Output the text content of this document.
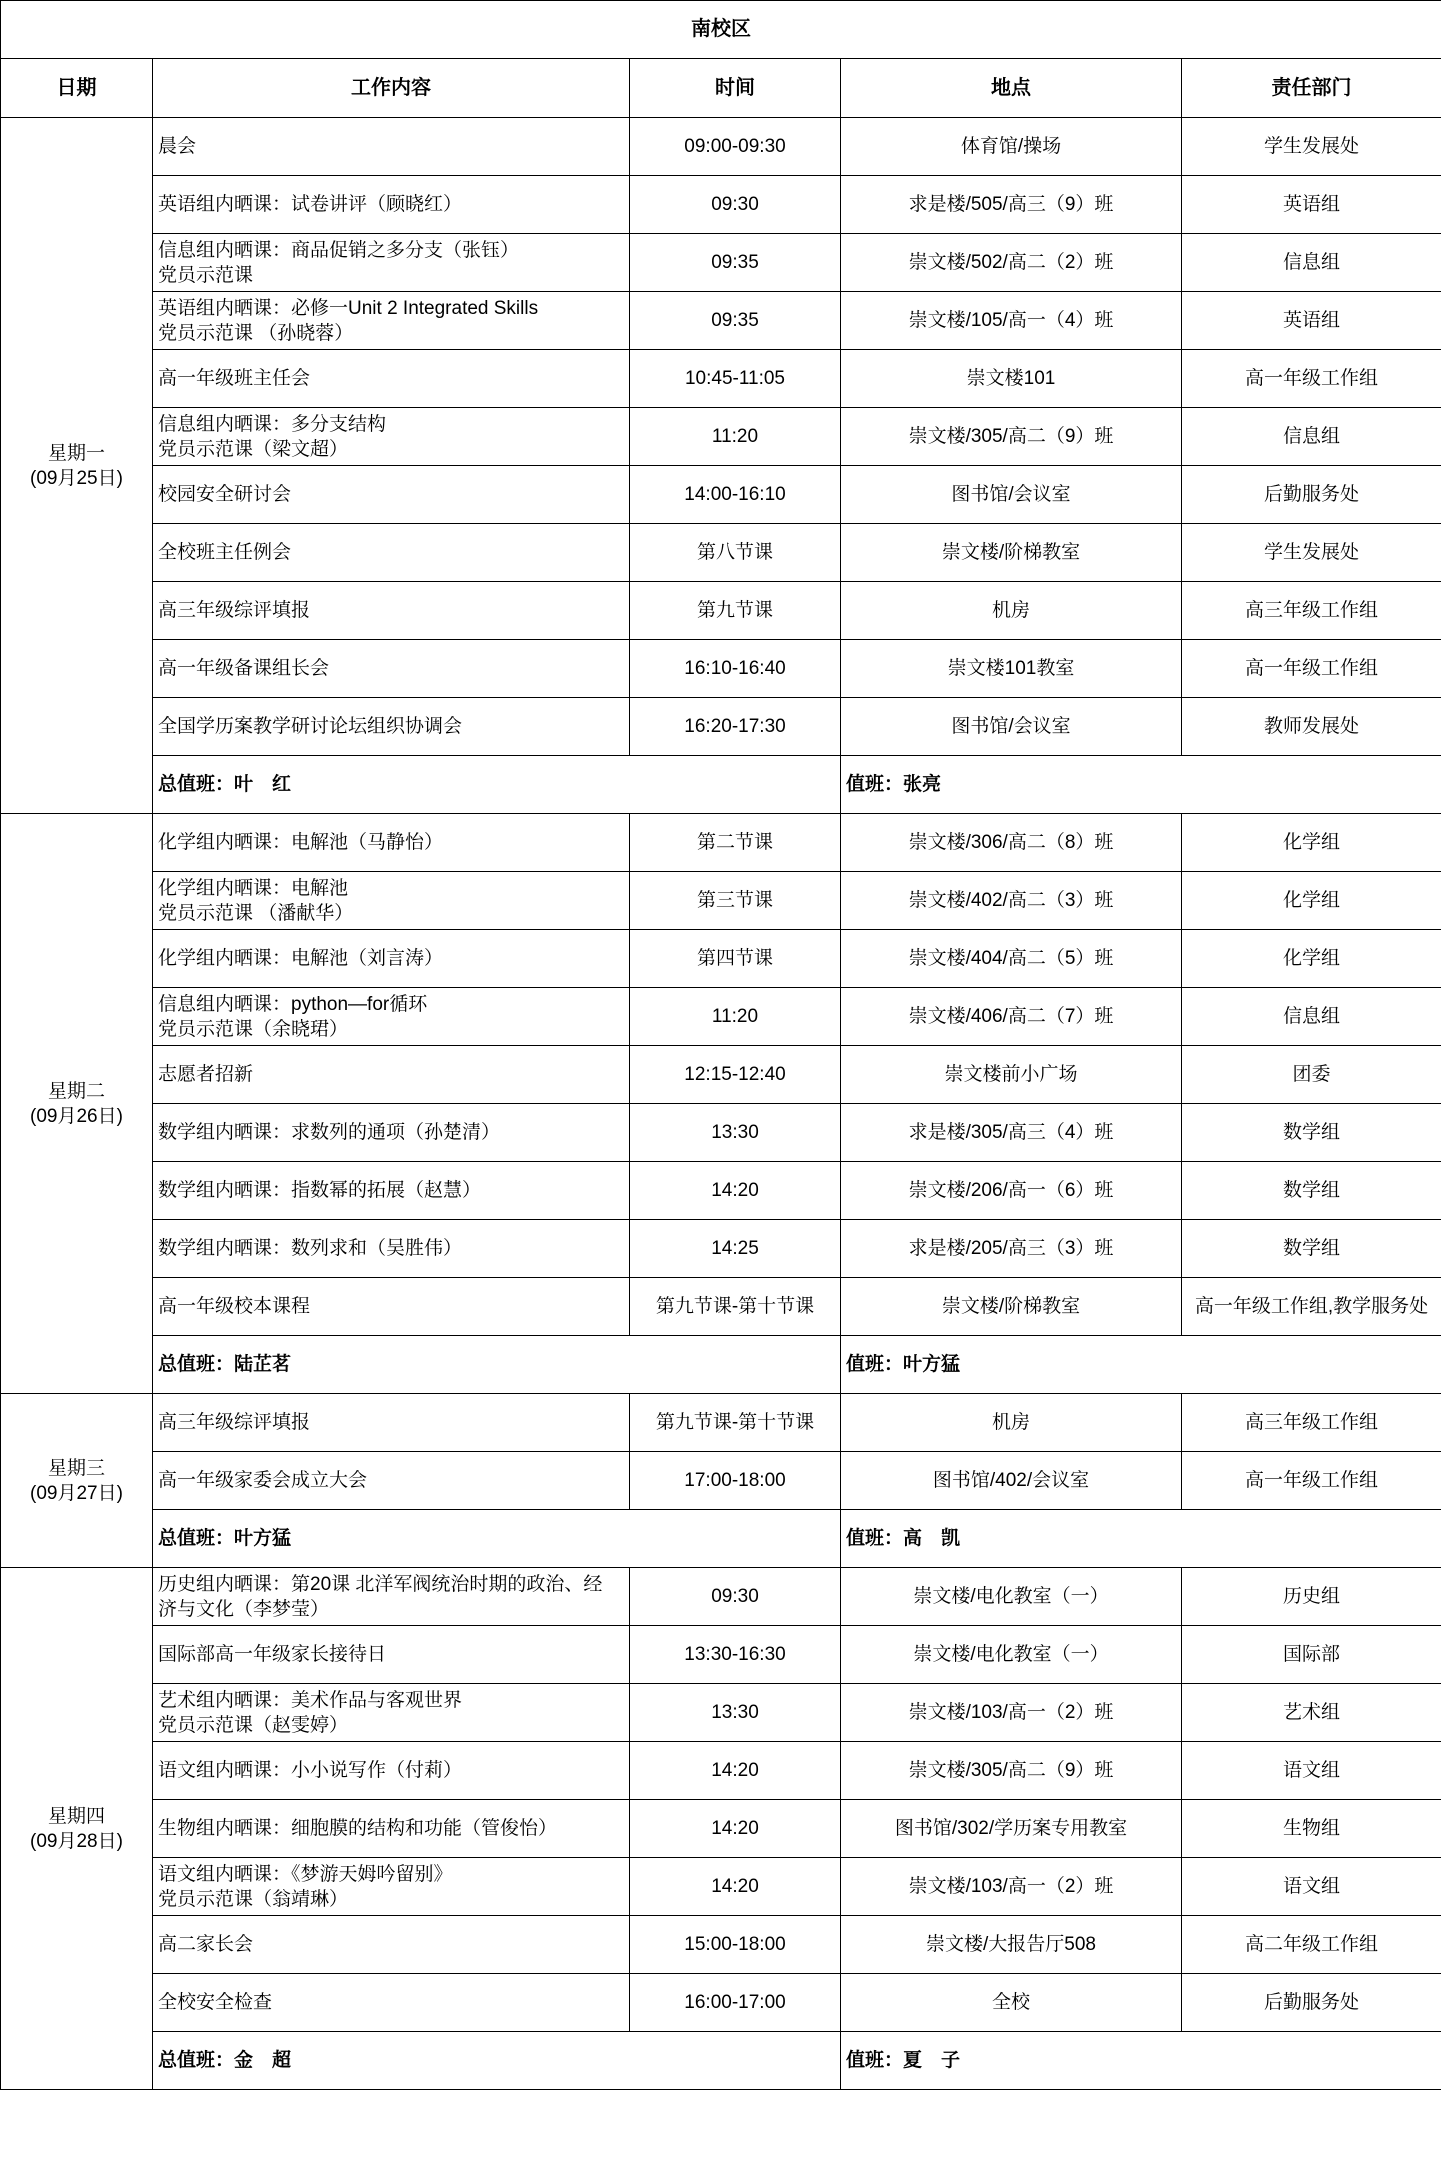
南校区				
日期	工作内容	时间	地点	责任部门

星期一
(09月25日)	晨会	09:00-09:30	体育馆/操场	学生发展处

	英语组内晒课：试卷讲评（顾晓红）	09:30	求是楼/505/高三（9）班	英语组

	信息组内晒课：商品促销之多分支（张钰）
党员示范课	09:35	崇文楼/502/高二（2）班	信息组

	英语组内晒课：必修一Unit 2 Integrated Skills
党员示范课 （孙晓蓉）	09:35	崇文楼/105/高一（4）班	英语组

	高一年级班主任会	10:45-11:05	崇文楼101	高一年级工作组

	信息组内晒课：多分支结构
党员示范课（梁文超）	11:20	崇文楼/305/高二（9）班	信息组

	校园安全研讨会	14:00-16:10	图书馆/会议室	后勤服务处

	全校班主任例会	第八节课	崇文楼/阶梯教室	学生发展处

	高三年级综评填报	第九节课	机房	高三年级工作组

	高一年级备课组长会	16:10-16:40	崇文楼101教室	高一年级工作组

	全国学历案教学研讨论坛组织协调会	16:20-17:30	图书馆/会议室	教师发展处
	总值班：叶　红		值班：张亮	

星期二
(09月26日)	化学组内晒课：电解池（马静怡）	第二节课	崇文楼/306/高二（8）班	化学组

	化学组内晒课：电解池
党员示范课 （潘献华）	第三节课	崇文楼/402/高二（3）班	化学组

	化学组内晒课：电解池（刘言涛）	第四节课	崇文楼/404/高二（5）班	化学组

	信息组内晒课：python—for循环
党员示范课（余晓珺）	11:20	崇文楼/406/高二（7）班	信息组

	志愿者招新	12:15-12:40	崇文楼前小广场	团委

	数学组内晒课：求数列的通项（孙楚清）	13:30	求是楼/305/高三（4）班	数学组

	数学组内晒课：指数幂的拓展（赵慧）	14:20	崇文楼/206/高一（6）班	数学组

	数学组内晒课：数列求和（吴胜伟）	14:25	求是楼/205/高三（3）班	数学组

	高一年级校本课程	第九节课-第十节课	崇文楼/阶梯教室	高一年级工作组,教学服务处
	总值班：陆芷茗		值班：叶方猛	

星期三
(09月27日)	高三年级综评填报	第九节课-第十节课	机房	高三年级工作组

	高一年级家委会成立大会	17:00-18:00	图书馆/402/会议室	高一年级工作组
	总值班：叶方猛		值班：高　凯	

星期四
(09月28日)	历史组内晒课：第20课 北洋军阀统治时期的政治、经
济与文化（李梦莹）	09:30	崇文楼/电化教室（一）	历史组

	国际部高一年级家长接待日	13:30-16:30	崇文楼/电化教室（一）	国际部

	艺术组内晒课：美术作品与客观世界
党员示范课（赵雯婷）	13:30	崇文楼/103/高一（2）班	艺术组

	语文组内晒课：小小说写作（付莉）	14:20	崇文楼/305/高二（9）班	语文组

	生物组内晒课：细胞膜的结构和功能（管俊怡）	14:20	图书馆/302/学历案专用教室	生物组

	语文组内晒课：《梦游天姆吟留别》
党员示范课（翁靖琳）	14:20	崇文楼/103/高一（2）班	语文组

	高二家长会	15:00-18:00	崇文楼/大报告厅508	高二年级工作组

	全校安全检查	16:00-17:00	全校	后勤服务处
	总值班：金　超		值班：夏　子	
